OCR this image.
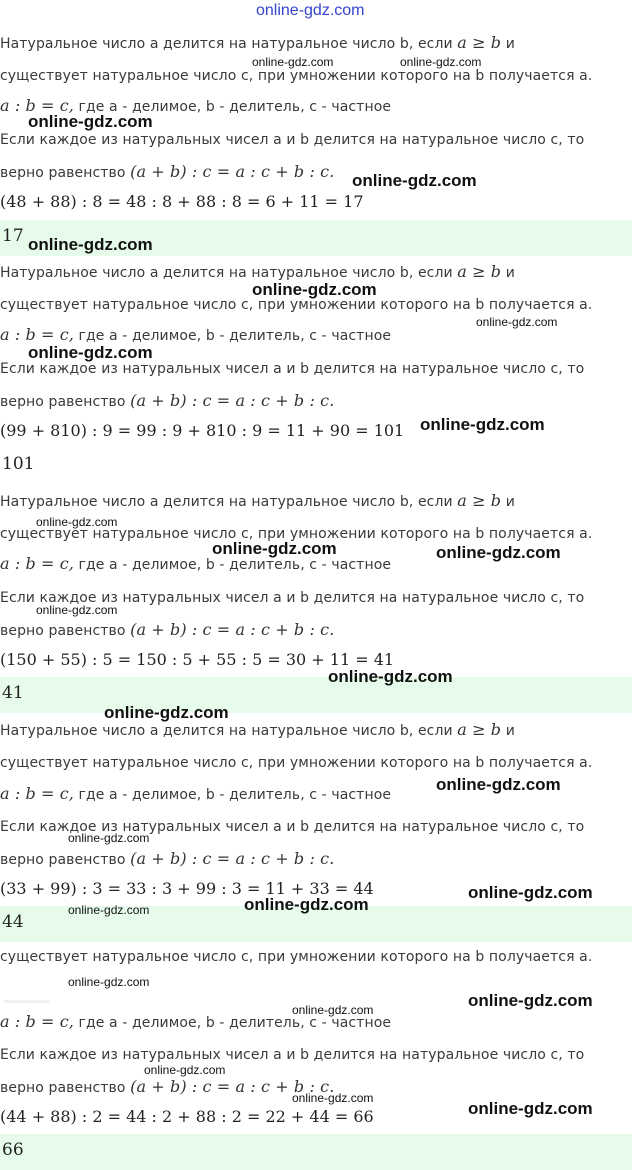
online-gdz.com
Натуральное число a делится на натуральное число b, если a ≥ b и
существует натуральное число c, при умножении которого на b получается a.
a : b = c, где a - делимое, b - делитель, c - частное
Если каждое из натуральных чисел a и b делится на натуральное число c, то
верно равенство (a + b) : c = a : c + b : c.
(48 + 88) : 8 = 48 : 8 + 88 : 8 = 6 + 11 = 17
17
Натуральное число a делится на натуральное число b, если a ≥ b и
существует натуральное число c, при умножении которого на b получается a.
a : b = c, где a - делимое, b - делитель, c - частное
Если каждое из натуральных чисел a и b делится на натуральное число c, то
верно равенство (a + b) : c = a : c + b : c.
(99 + 810) : 9 = 99 : 9 + 810 : 9 = 11 + 90 = 101
101
Натуральное число a делится на натуральное число b, если a ≥ b и
существует натуральное число c, при умножении которого на b получается a.
a : b = c, где a - делимое, b - делитель, c - частное
Если каждое из натуральных чисел a и b делится на натуральное число c, то
верно равенство (a + b) : c = a : c + b : c.
(150 + 55) : 5 = 150 : 5 + 55 : 5 = 30 + 11 = 41
41
Натуральное число a делится на натуральное число b, если a ≥ b и
существует натуральное число c, при умножении которого на b получается a.
a : b = c, где a - делимое, b - делитель, c - частное
Если каждое из натуральных чисел a и b делится на натуральное число c, то
верно равенство (a + b) : c = a : c + b : c.
(33 + 99) : 3 = 33 : 3 + 99 : 3 = 11 + 33 = 44
44
существует натуральное число c, при умножении которого на b получается a.
a : b = c, где a - делимое, b - делитель, c - частное
Если каждое из натуральных чисел a и b делится на натуральное число c, то
верно равенство (a + b) : c = a : c + b : c.
(44 + 88) : 2 = 44 : 2 + 88 : 2 = 22 + 44 = 66
66
online-gdz.com	online-gdz.com
online-gdz.com
online-gdz.com
online-gdz.com
online-gdz.com
online-gdz.com
online-gdz.com
online-gdz.com
online-gdz.com
online-gdz.com	online-gdz.com
online-gdz.com
online-gdz.com
online-gdz.com
online-gdz.com
online-gdz.com
online-gdz.com
online-gdz.com
online-gdz.com
online-gdz.com
online-gdz.com
online-gdz.com
online-gdz.com
online-gdz.com
online-gdz.com
